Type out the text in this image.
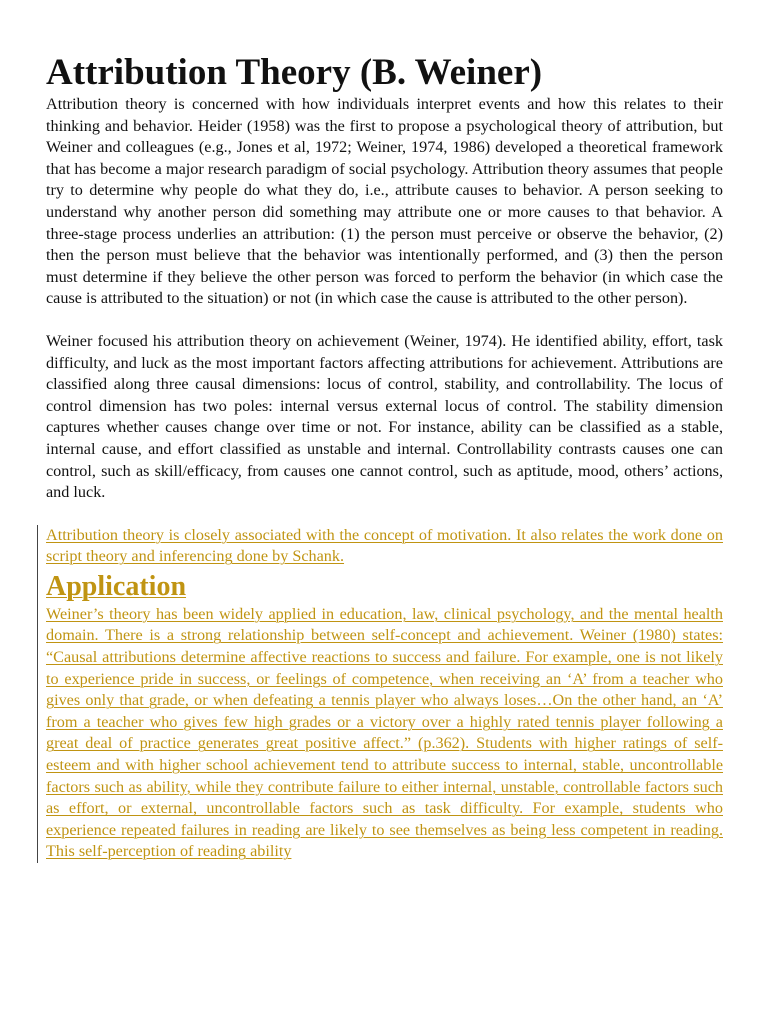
Attribution Theory (B. Weiner)

Attribution theory is concerned with how individuals interpret events and how this relates to their thinking and behavior. Heider (1958) was the first to propose a psychological theory of attribution, but Weiner and colleagues (e.g., Jones et al, 1972; Weiner, 1974, 1986) developed a theoretical framework that has become a major research paradigm of social psychology. Attribution theory assumes that people try to determine why people do what they do, i.e., attribute causes to behavior. A person seeking to understand why another person did something may attribute one or more causes to that behavior. A three-stage process underlies an attribution: (1) the person must perceive or observe the behavior, (2) then the person must believe that the behavior was intentionally performed, and (3) then the person must determine if they believe the other person was forced to perform the behavior (in which case the cause is attributed to the situation) or not (in which case the cause is attributed to the other person).

Weiner focused his attribution theory on achievement (Weiner, 1974). He identified ability, effort, task difficulty, and luck as the most important factors affecting attributions for achievement. Attributions are classified along three causal dimensions: locus of control, stability, and controllability. The locus of control dimension has two poles: internal versus external locus of control. The stability dimension captures whether causes change over time or not. For instance, ability can be classified as a stable, internal cause, and effort classified as unstable and internal. Controllability contrasts causes one can control, such as skill/efficacy, from causes one cannot control, such as aptitude, mood, others’ actions, and luck.

Attribution theory is closely associated with the concept of motivation. It also relates the work done on script theory and inferencing done by Schank.

Application

Weiner’s theory has been widely applied in education, law, clinical psychology, and the mental health domain. There is a strong relationship between self-concept and achievement. Weiner (1980) states: “Causal attributions determine affective reactions to success and failure. For example, one is not likely to experience pride in success, or feelings of competence, when receiving an ‘A’ from a teacher who gives only that grade, or when defeating a tennis player who always loses…On the other hand, an ‘A’ from a teacher who gives few high grades or a victory over a highly rated tennis player following a great deal of practice generates great positive affect.” (p.362). Students with higher ratings of self-esteem and with higher school achievement tend to attribute success to internal, stable, uncontrollable factors such as ability, while they contribute failure to either internal, unstable, controllable factors such as effort, or external, uncontrollable factors such as task difficulty. For example, students who experience repeated failures in reading are likely to see themselves as being less competent in reading. This self-perception of reading ability
